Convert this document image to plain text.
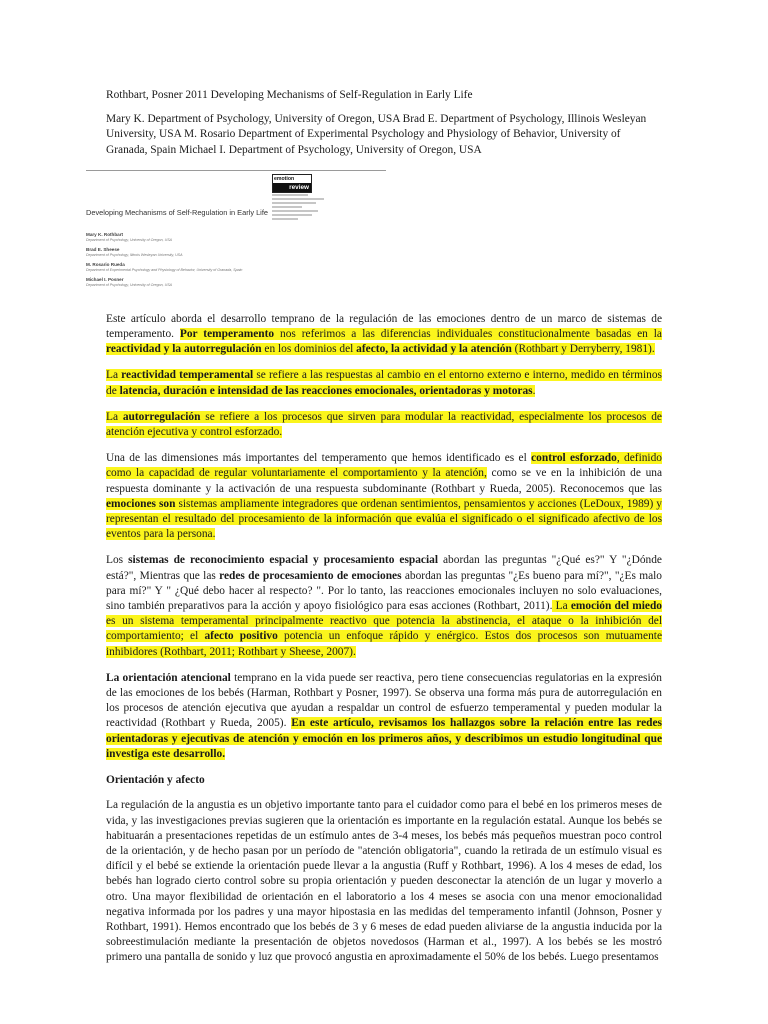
Rothbart, Posner 2011 Developing Mechanisms of Self-Regulation in Early Life

Mary K. Department of Psychology, University of Oregon, USA Brad E. Department of Psychology, Illinois Wesleyan University, USA M. Rosario Department of Experimental Psychology and Physiology of Behavior, University of Granada, Spain Michael I. Department of Psychology, University of Oregon, USA

emotion
review
Developing Mechanisms of Self-Regulation in Early Life
Mary K. Rothbart
Department of Psychology, University of Oregon, USA
Brad E. Sheese
Department of Psychology, Illinois Wesleyan University, USA
M. Rosario Rueda
Department of Experimental Psychology and Physiology of Behavior, University of Granada, Spain
Michael I. Posner
Department of Psychology, University of Oregon, USA

Este artículo aborda el desarrollo temprano de la regulación de las emociones dentro de un marco de sistemas de temperamento. Por temperamento nos referimos a las diferencias individuales constitucionalmente basadas en la reactividad y la autorregulación en los dominios del afecto, la actividad y la atención (Rothbart y Derryberry, 1981).

La reactividad temperamental se refiere a las respuestas al cambio en el entorno externo e interno, medido en términos de latencia, duración e intensidad de las reacciones emocionales, orientadoras y motoras.

La autorregulación se refiere a los procesos que sirven para modular la reactividad, especialmente los procesos de atención ejecutiva y control esforzado.

Una de las dimensiones más importantes del temperamento que hemos identificado es el control esforzado, definido como la capacidad de regular voluntariamente el comportamiento y la atención, como se ve en la inhibición de una respuesta dominante y la activación de una respuesta subdominante (Rothbart y Rueda, 2005). Reconocemos que las emociones son sistemas ampliamente integradores que ordenan sentimientos, pensamientos y acciones (LeDoux, 1989) y representan el resultado del procesamiento de la información que evalúa el significado o el significado afectivo de los eventos para la persona.

Los sistemas de reconocimiento espacial y procesamiento espacial abordan las preguntas "¿Qué es?" Y "¿Dónde está?", Mientras que las redes de procesamiento de emociones abordan las preguntas "¿Es bueno para mí?", "¿Es malo para mí?" Y " ¿Qué debo hacer al respecto? ". Por lo tanto, las reacciones emocionales incluyen no solo evaluaciones, sino también preparativos para la acción y apoyo fisiológico para esas acciones (Rothbart, 2011). La emoción del miedo es un sistema temperamental principalmente reactivo que potencia la abstinencia, el ataque o la inhibición del comportamiento; el afecto positivo potencia un enfoque rápido y enérgico. Estos dos procesos son mutuamente inhibidores (Rothbart, 2011; Rothbart y Sheese, 2007).

La orientación atencional temprano en la vida puede ser reactiva, pero tiene consecuencias regulatorias en la expresión de las emociones de los bebés (Harman, Rothbart y Posner, 1997). Se observa una forma más pura de autorregulación en los procesos de atención ejecutiva que ayudan a respaldar un control de esfuerzo temperamental y pueden modular la reactividad (Rothbart y Rueda, 2005). En este artículo, revisamos los hallazgos sobre la relación entre las redes orientadoras y ejecutivas de atención y emoción en los primeros años, y describimos un estudio longitudinal que investiga este desarrollo.

Orientación y afecto

La regulación de la angustia es un objetivo importante tanto para el cuidador como para el bebé en los primeros meses de vida, y las investigaciones previas sugieren que la orientación es importante en la regulación estatal. Aunque los bebés se habituarán a presentaciones repetidas de un estímulo antes de 3-4 meses, los bebés más pequeños muestran poco control de la orientación, y de hecho pasan por un período de "atención obligatoria", cuando la retirada de un estímulo visual es difícil y el bebé se extiende la orientación puede llevar a la angustia (Ruff y Rothbart, 1996). A los 4 meses de edad, los bebés han logrado cierto control sobre su propia orientación y pueden desconectar la atención de un lugar y moverlo a otro. Una mayor flexibilidad de orientación en el laboratorio a los 4 meses se asocia con una menor emocionalidad negativa informada por los padres y una mayor hipostasia en las medidas del temperamento infantil (Johnson, Posner y Rothbart, 1991). Hemos encontrado que los bebés de 3 y 6 meses de edad pueden aliviarse de la angustia inducida por la sobreestimulación mediante la presentación de objetos novedosos (Harman et al., 1997). A los bebés se les mostró primero una pantalla de sonido y luz que provocó angustia en aproximadamente el 50% de los bebés. Luego presentamos
